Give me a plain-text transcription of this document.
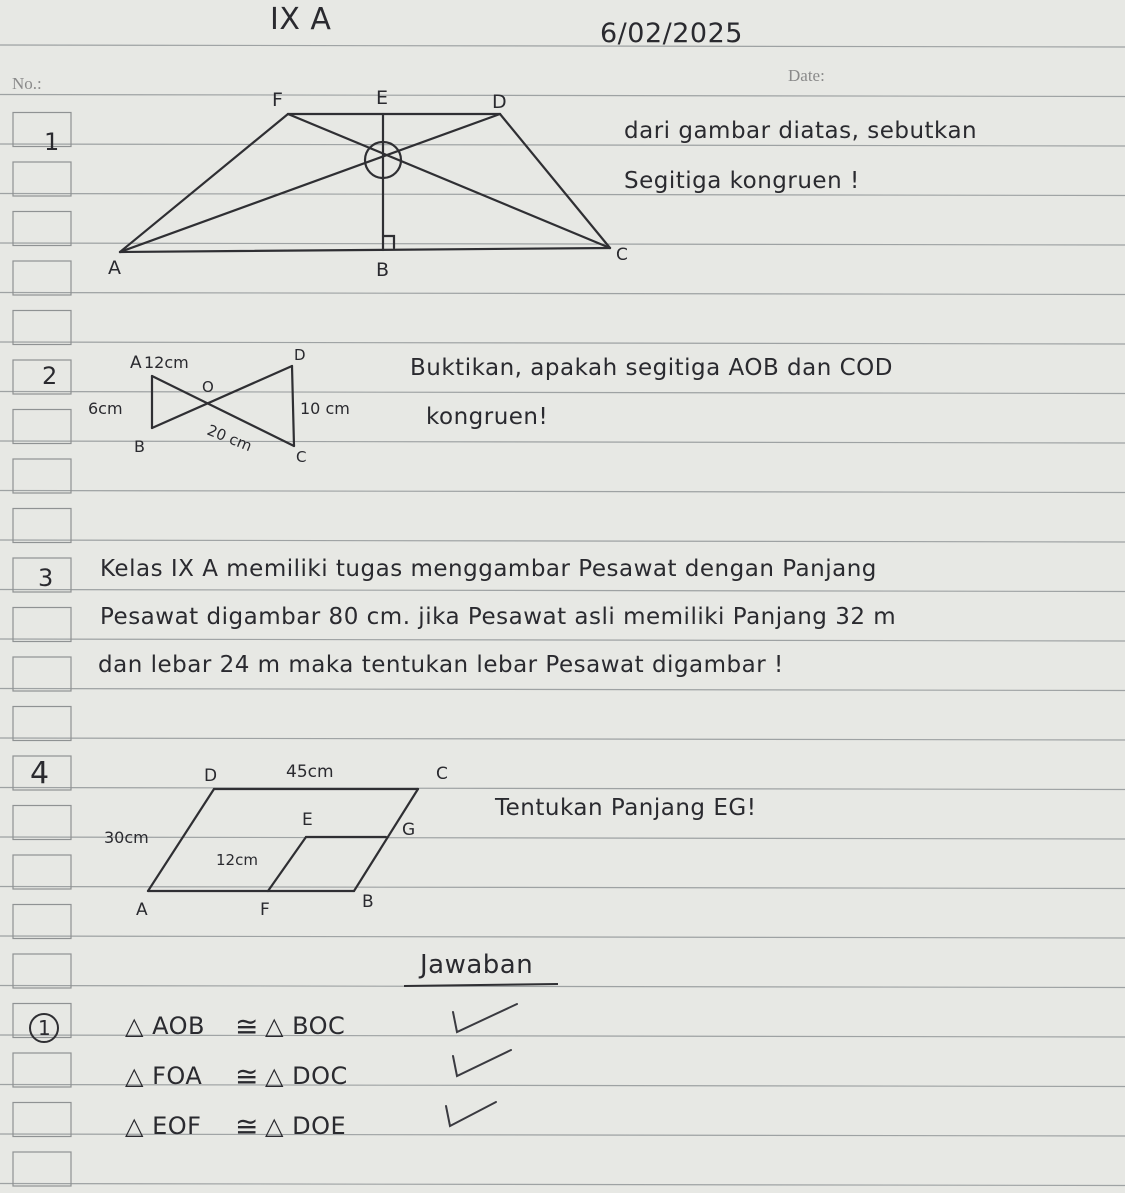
IX A	6/02/2025
No.:	Date:
1
F	E	D
A	B
C
dari gambar diatas, sebutkan
Segitiga kongruen !
2	A 12cm	D
O
6cm	10 cm
B	20 cm
C
Buktikan, apakah segitiga AOB dan COD
kongruen!
3 Kelas IX A memiliki tugas menggambar Pesawat dengan Panjang
Pesawat digambar 80 cm. jika Pesawat asli memiliki Panjang 32 m
dan lebar 24 m maka tentukan lebar Pesawat digambar !
4	D	45cm	C
E	G
30cm
12cm
A	F	B
Tentukan Panjang EG!
Jawaban
1	△ AOB ≅ △ BOC
△ FOA ≅ △ DOC
△ EOF ≅ △ DOE
